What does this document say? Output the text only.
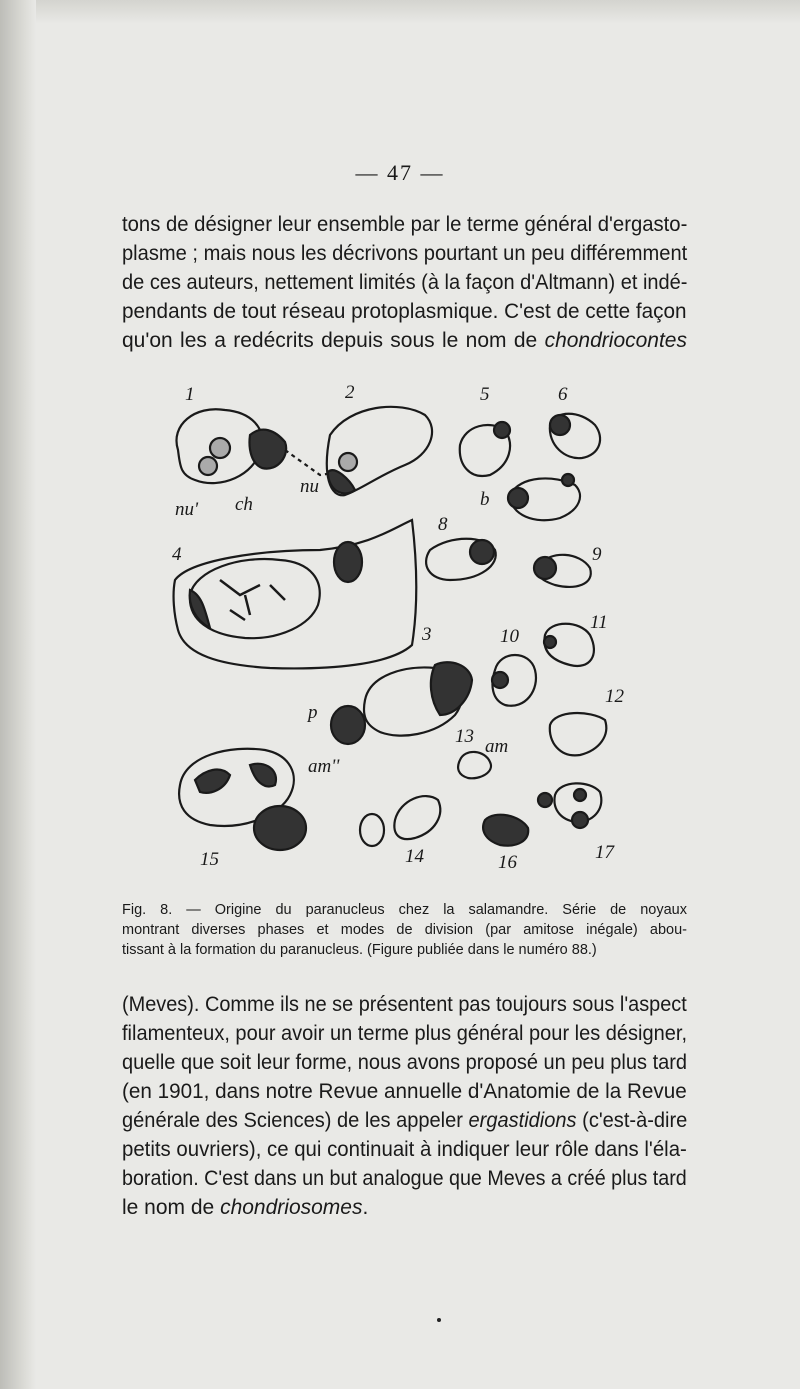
— 47 —
tons de désigner leur ensemble par le terme général d'ergasto-
plasme ; mais nous les décrivons pourtant un peu différemment
de ces auteurs, nettement limités (à la façon d'Altmann) et indé-
pendants de tout réseau protoplasmique. C'est de cette façon
qu'on les a redécrits depuis sous le nom de chondriocontes
1	2	5	6
8
4	9
11
3	10
12
13
15	14	16	17
nu
nu' ch	b
p
am
am''
Fig. 8. — Origine du paranucleus chez la salamandre. Série de noyaux
montrant diverses phases et modes de division (par amitose inégale) abou-
tissant à la formation du paranucleus. (Figure publiée dans le numéro 88.)
(Meves). Comme ils ne se présentent pas toujours sous l'aspect
filamenteux, pour avoir un terme plus général pour les désigner,
quelle que soit leur forme, nous avons proposé un peu plus tard
(en 1901, dans notre Revue annuelle d'Anatomie de la Revue
générale des Sciences) de les appeler ergastidions (c'est-à-dire
petits ouvriers), ce qui continuait à indiquer leur rôle dans l'éla-
boration. C'est dans un but analogue que Meves a créé plus tard
le nom de chondriosomes.
